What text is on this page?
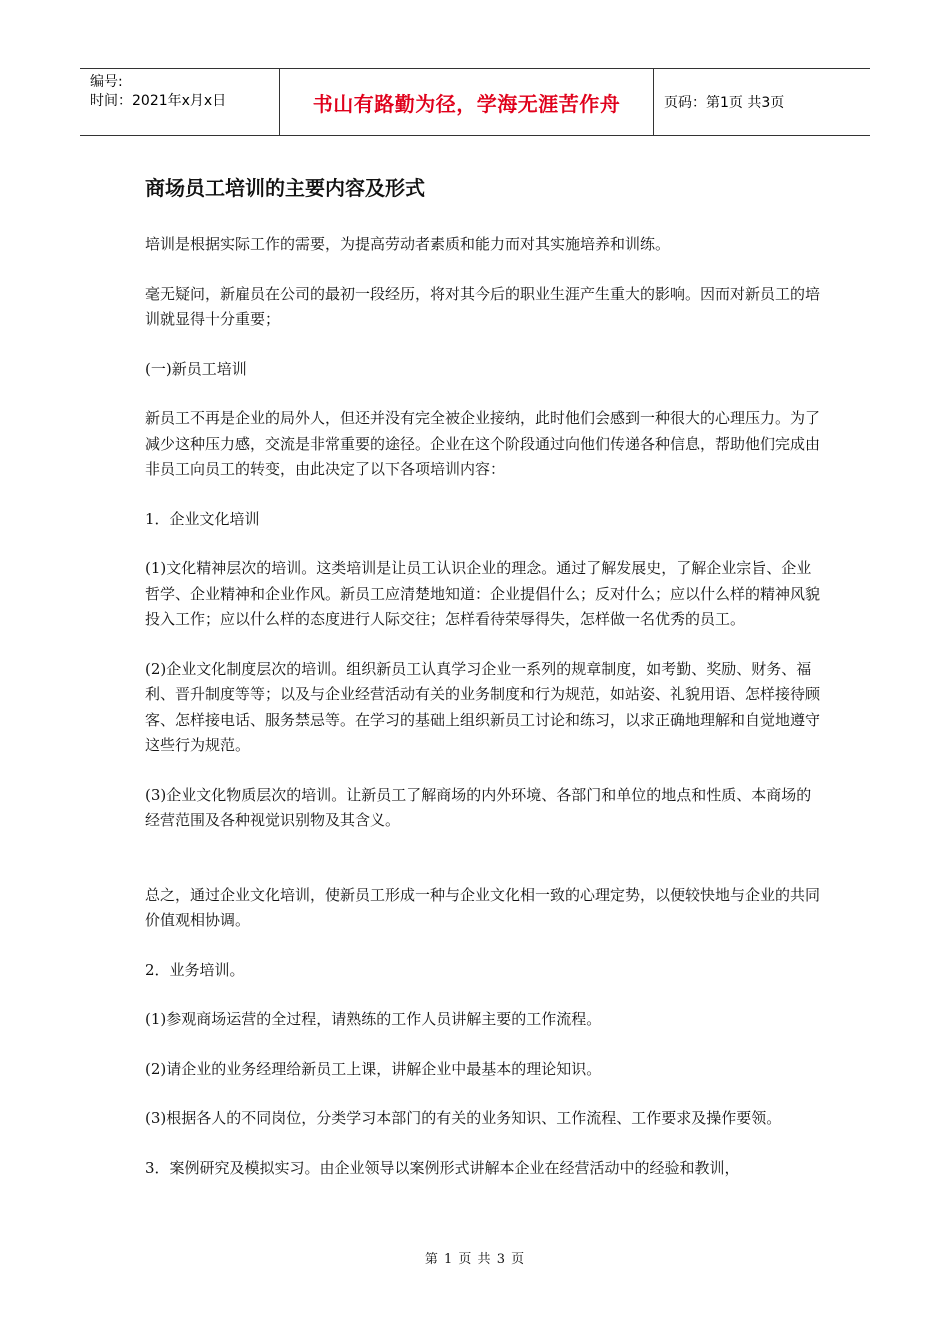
编号:
时间：2021年x月x日	书山有路勤为径，学海无涯苦作舟	页码：第1页 共3页
商场员工培训的主要内容及形式

培训是根据实际工作的需要，为提高劳动者素质和能力而对其实施培养和训练。

毫无疑问，新雇员在公司的最初一段经历，将对其今后的职业生涯产生重大的影响。因而对新员工的培训就显得十分重要；

(一)新员工培训

新员工不再是企业的局外人，但还并没有完全被企业接纳，此时他们会感到一种很大的心理压力。为了减少这种压力感，交流是非常重要的途径。企业在这个阶段通过向他们传递各种信息，帮助他们完成由非员工向员工的转变，由此决定了以下各项培训内容：

1．企业文化培训

(1)文化精神层次的培训。这类培训是让员工认识企业的理念。通过了解发展史，了解企业宗旨、企业哲学、企业精神和企业作风。新员工应清楚地知道：企业提倡什么；反对什么；应以什么样的精神风貌投入工作；应以什么样的态度进行人际交往；怎样看待荣辱得失，怎样做一名优秀的员工。

(2)企业文化制度层次的培训。组织新员工认真学习企业一系列的规章制度，如考勤、奖励、财务、福利、晋升制度等等；以及与企业经营活动有关的业务制度和行为规范，如站姿、礼貌用语、怎样接待顾客、怎样接电话、服务禁忌等。在学习的基础上组织新员工讨论和练习，以求正确地理解和自觉地遵守这些行为规范。

(3)企业文化物质层次的培训。让新员工了解商场的内外环境、各部门和单位的地点和性质、本商场的经营范围及各种视觉识别物及其含义。

总之，通过企业文化培训，使新员工形成一种与企业文化相一致的心理定势，以便较快地与企业的共同价值观相协调。

2．业务培训。

(1)参观商场运营的全过程，请熟练的工作人员讲解主要的工作流程。

(2)请企业的业务经理给新员工上课，讲解企业中最基本的理论知识。

(3)根据各人的不同岗位，分类学习本部门的有关的业务知识、工作流程、工作要求及操作要领。

3．案例研究及模拟实习。由企业领导以案例形式讲解本企业在经营活动中的经验和教训，

第 1 页 共 3 页
